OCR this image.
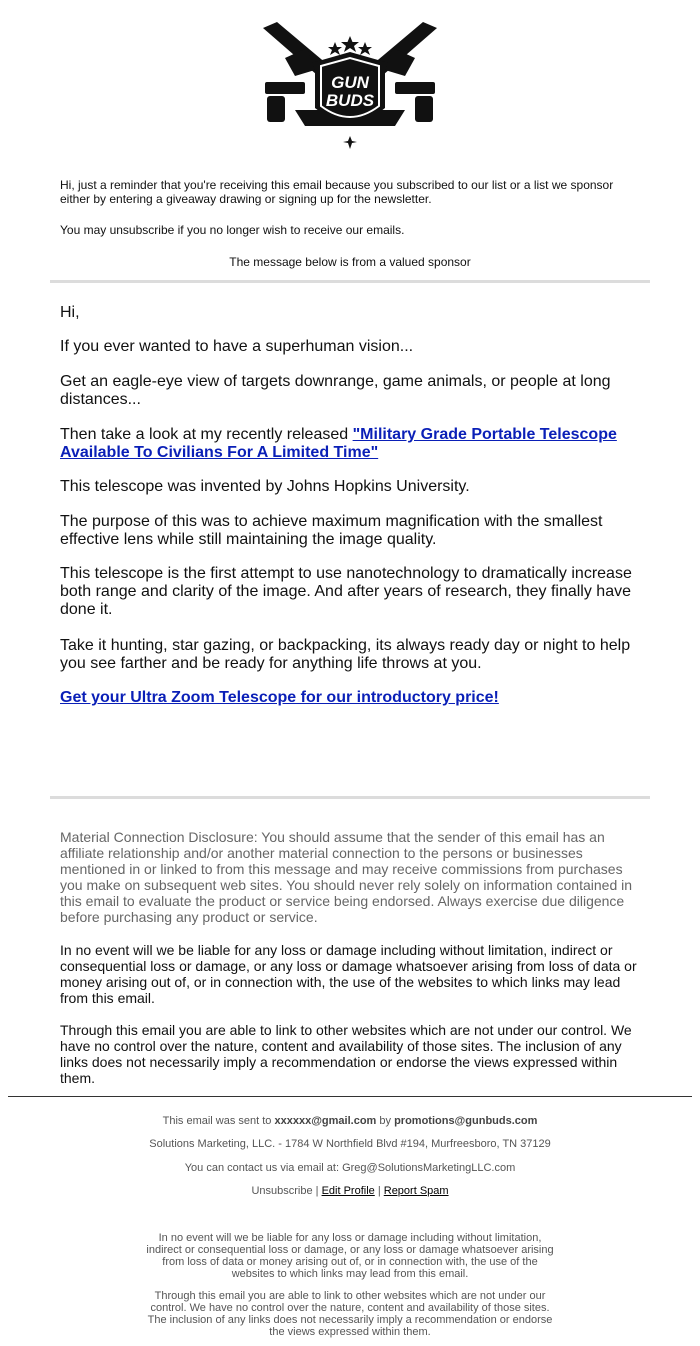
GUN
BUDS
Hi, just a reminder that you're receiving this email because you subscribed to our list or a list we sponsor either by entering a giveaway drawing or signing up for the newsletter.
You may unsubscribe if you no longer wish to receive our emails.
The message below is from a valued sponsor
Hi,
If you ever wanted to have a superhuman vision...
Get an eagle-eye view of targets downrange, game animals, or people at long distances...
Then take a look at my recently released "Military Grade Portable Telescope Available To Civilians For A Limited Time"
This telescope was invented by Johns Hopkins University.
The purpose of this was to achieve maximum magnification with the smallest effective lens while still maintaining the image quality.
This telescope is the first attempt to use nanotechnology to dramatically increase both range and clarity of the image. And after years of research, they finally have done it.
Take it hunting, star gazing, or backpacking, its always ready day or night to help you see farther and be ready for anything life throws at you.
Get your Ultra Zoom Telescope for our introductory price!
Material Connection Disclosure: You should assume that the sender of this email has an affiliate relationship and/or another material connection to the persons or businesses mentioned in or linked to from this message and may receive commissions from purchases you make on subsequent web sites. You should never rely solely on information contained in this email to evaluate the product or service being endorsed. Always exercise due diligence before purchasing any product or service.
In no event will we be liable for any loss or damage including without limitation, indirect or consequential loss or damage, or any loss or damage whatsoever arising from loss of data or money arising out of, or in connection with, the use of the websites to which links may lead from this email.
Through this email you are able to link to other websites which are not under our control. We have no control over the nature, content and availability of those sites. The inclusion of any links does not necessarily imply a recommendation or endorse the views expressed within them.
This email was sent to xxxxxx@gmail.com by promotions@gunbuds.com
Solutions Marketing, LLC. - 1784 W Northfield Blvd #194, Murfreesboro, TN 37129
You can contact us via email at: Greg@SolutionsMarketingLLC.com
Unsubscribe | Edit Profile | Report Spam
In no event will we be liable for any loss or damage including without limitation, indirect or consequential loss or damage, or any loss or damage whatsoever arising from loss of data or money arising out of, or in connection with, the use of the websites to which links may lead from this email.
Through this email you are able to link to other websites which are not under our control. We have no control over the nature, content and availability of those sites. The inclusion of any links does not necessarily imply a recommendation or endorse the views expressed within them.
